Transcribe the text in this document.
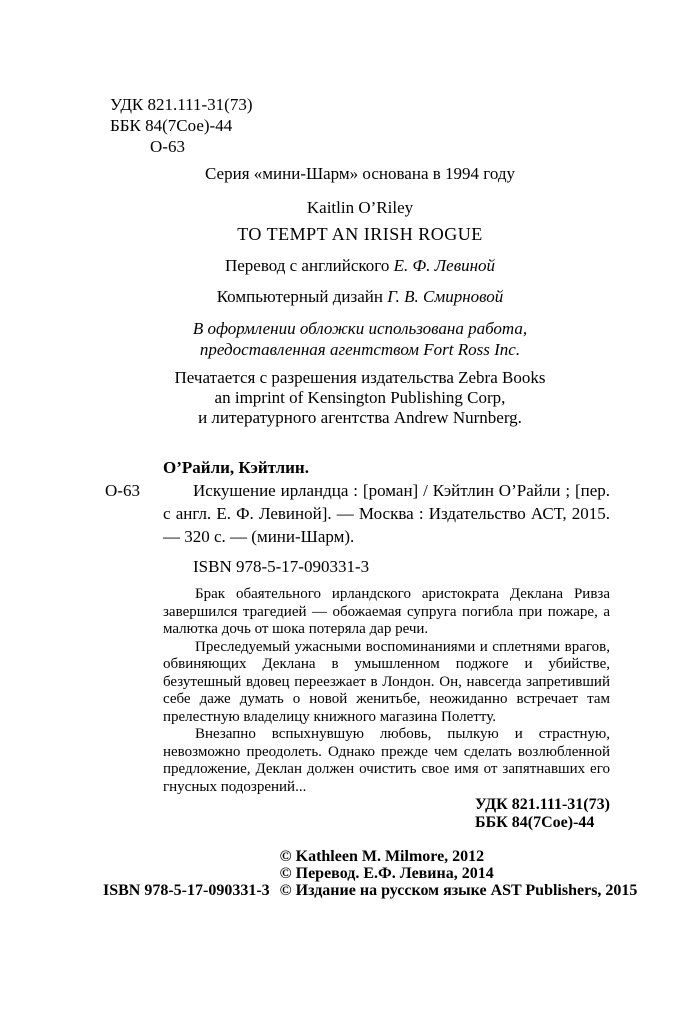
УДК 821.111-31(73)
ББК 84(7Сое)-44
О-63
Серия «мини-Шарм» основана в 1994 году
Kaitlin O’Riley
TO TEMPT AN IRISH ROGUE
Перевод с английского Е. Ф. Левиной
Компьютерный дизайн Г. В. Смирновой
В оформлении обложки использована работа,
предоставленная агентством Fort Ross Inc.
Печатается с разрешения издательства Zebra Books
an imprint of Kensington Publishing Corp,
и литературного агентства Andrew Nurnberg.
О’Райли, Кэйтлин.
О-63	Искушение ирландца : [роман] / Кэйтлин О’Райли ; [пер. с англ. Е. Ф. Левиной]. — Москва : Издательство АСТ, 2015. — 320 с. — (мини-Шарм).
ISBN 978-5-17-090331-3

Брак обаятельного ирландского аристократа Деклана Ривза завершился трагедией — обожаемая супруга погибла при пожаре, а малютка дочь от шока потеряла дар речи.

Преследуемый ужасными воспоминаниями и сплетнями врагов, обвиняющих Деклана в умышленном поджоге и убийстве, безутешный вдовец переезжает в Лондон. Он, навсегда запретивший себе даже думать о новой женитьбе, неожиданно встречает там прелестную владелицу книжного магазина Полетту.

Внезапно вспыхнувшую любовь, пылкую и страстную, невозможно преодолеть. Однако прежде чем сделать возлюбленной предложение, Деклан должен очистить свое имя от запятнавших его гнусных подозрений...

УДК 821.111-31(73)
ББК 84(7Сое)-44
ISBN 978-5-17-090331-3
© Kathleen M. Milmore, 2012
© Перевод. Е.Ф. Левина, 2014
© Издание на русском языке AST Publishers, 2015
